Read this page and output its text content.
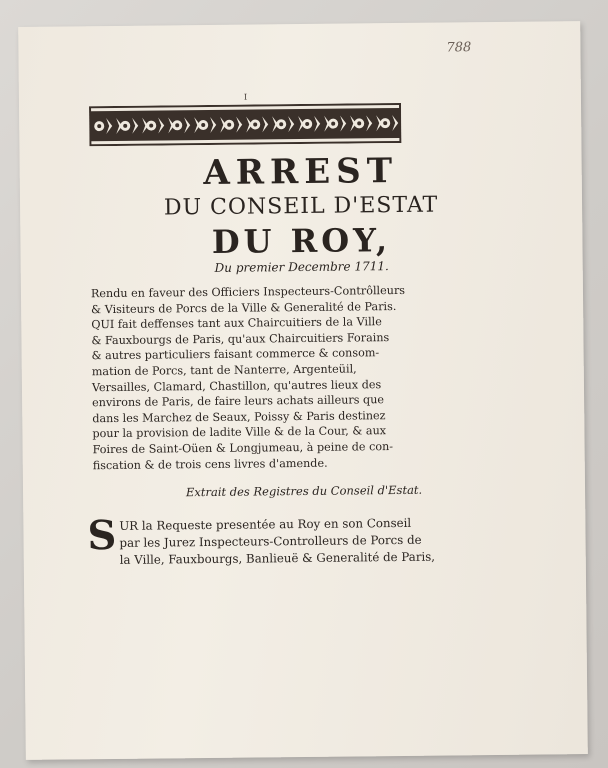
788
I
ARREST
DU CONSEIL D'ESTAT
DU ROY,
Du premier Decembre 1711.
Rendu en faveur des Officiers Inspecteurs-Contrôlleurs
& Visiteurs de Porcs de la Ville & Generalité de Paris.
QUI fait deffenses tant aux Chaircuitiers de la Ville
& Fauxbourgs de Paris, qu'aux Chaircuitiers Forains
& autres particuliers faisant commerce & consom-
mation de Porcs, tant de Nanterre, Argenteüil,
Versailles, Clamard, Chastillon, qu'autres lieux des
environs de Paris, de faire leurs achats ailleurs que
dans les Marchez de Seaux, Poissy & Paris destinez
pour la provision de ladite Ville & de la Cour, & aux
Foires de Saint-Oüen & Longjumeau, à peine de con-
fiscation & de trois cens livres d'amende.
Extrait des Registres du Conseil d'Estat.
S UR la Requeste presentée au Roy en son Conseil
par les Jurez Inspecteurs-Controlleurs de Porcs de
la Ville, Fauxbourgs, Banlieuë & Generalité de Paris,
